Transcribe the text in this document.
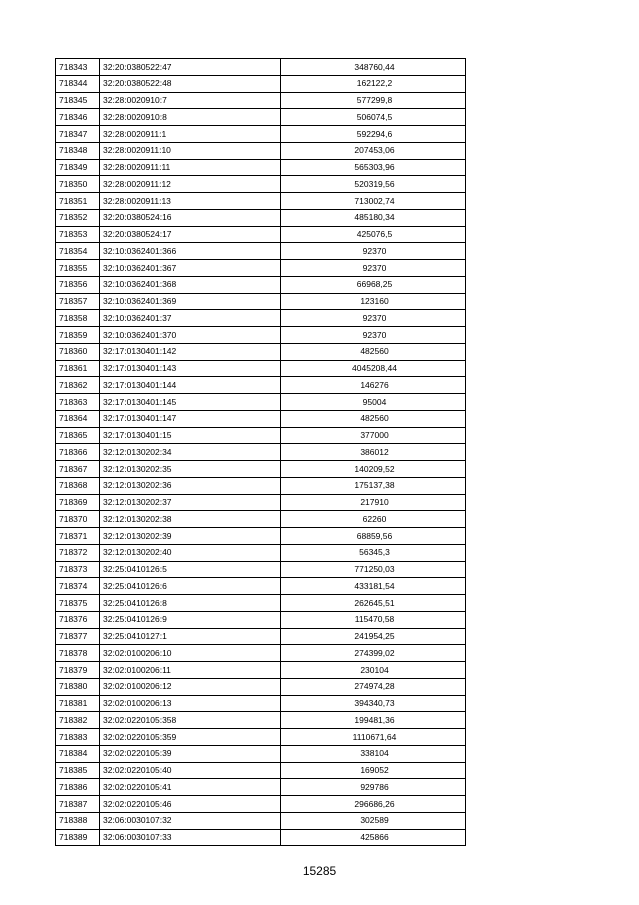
718343	32:20:0380522:47	348760,44
718344	32:20:0380522:48	162122,2
718345	32:28:0020910:7	577299,8
718346	32:28:0020910:8	506074,5
718347	32:28:0020911:1	592294,6
718348	32:28:0020911:10	207453,06
718349	32:28:0020911:11	565303,96
718350	32:28:0020911:12	520319,56
718351	32:28:0020911:13	713002,74
718352	32:20:0380524:16	485180,34
718353	32:20:0380524:17	425076,5
718354	32:10:0362401:366	92370
718355	32:10:0362401:367	92370
718356	32:10:0362401:368	66968,25
718357	32:10:0362401:369	123160
718358	32:10:0362401:37	92370
718359	32:10:0362401:370	92370
718360	32:17:0130401:142	482560
718361	32:17:0130401:143	4045208,44
718362	32:17:0130401:144	146276
718363	32:17:0130401:145	95004
718364	32:17:0130401:147	482560
718365	32:17:0130401:15	377000
718366	32:12:0130202:34	386012
718367	32:12:0130202:35	140209,52
718368	32:12:0130202:36	175137,38
718369	32:12:0130202:37	217910
718370	32:12:0130202:38	62260
718371	32:12:0130202:39	68859,56
718372	32:12:0130202:40	56345,3
718373	32:25:0410126:5	771250,03
718374	32:25:0410126:6	433181,54
718375	32:25:0410126:8	262645,51
718376	32:25:0410126:9	115470,58
718377	32:25:0410127:1	241954,25
718378	32:02:0100206:10	274399,02
718379	32:02:0100206:11	230104
718380	32:02:0100206:12	274974,28
718381	32:02:0100206:13	394340,73
718382	32:02:0220105:358	199481,36
718383	32:02:0220105:359	1110671,64
718384	32:02:0220105:39	338104
718385	32:02:0220105:40	169052
718386	32:02:0220105:41	929786
718387	32:02:0220105:46	296686,26
718388	32:06:0030107:32	302589
718389	32:06:0030107:33	425866
15285
